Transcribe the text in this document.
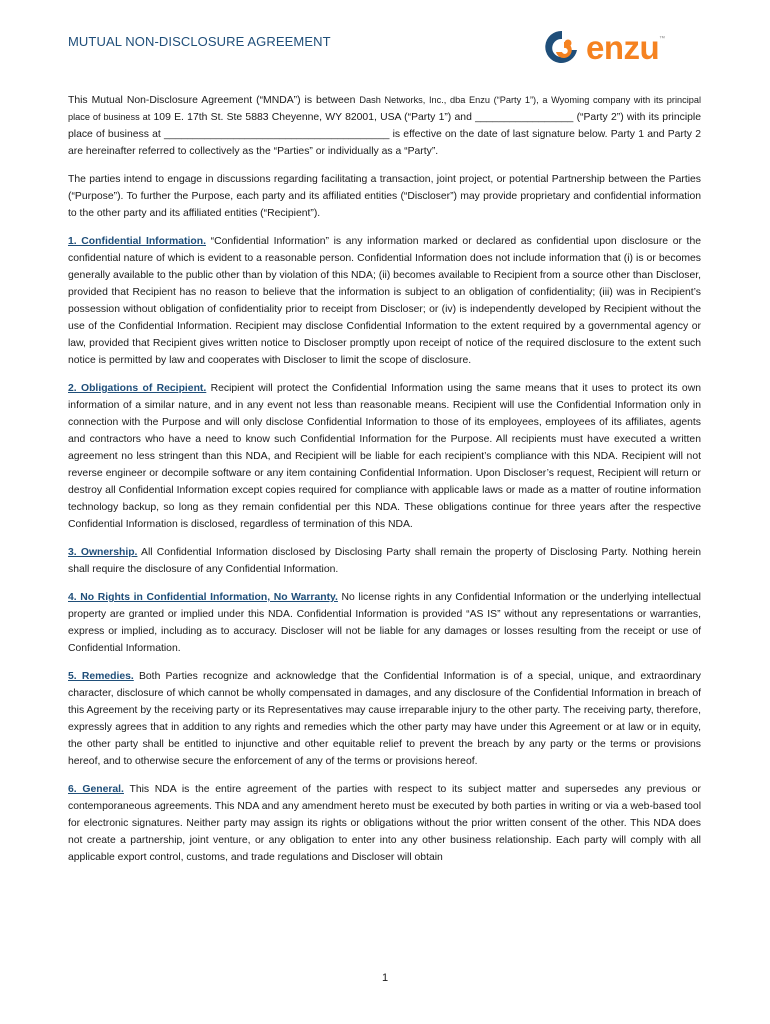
MUTUAL NON-DISCLOSURE AGREEMENT	enzu ™

This Mutual Non-Disclosure Agreement (“MNDA”) is between Dash Networks, Inc., dba Enzu (“Party 1”), a Wyoming company with its principal place of business at 109 E. 17th St. Ste 5883 Cheyenne, WY 82001, USA (“Party 1”) and _________________ (“Party 2”) with its principle place of business at _______________________________________ is effective on the date of last signature below. Party 1 and Party 2 are hereinafter referred to collectively as the “Parties” or individually as a “Party”.

The parties intend to engage in discussions regarding facilitating a transaction, joint project, or potential Partnership between the Parties (“Purpose”). To further the Purpose, each party and its affiliated entities (“Discloser”) may provide proprietary and confidential information to the other party and its affiliated entities (“Recipient”).

1. Confidential Information. “Confidential Information” is any information marked or declared as confidential upon disclosure or the confidential nature of which is evident to a reasonable person. Confidential Information does not include information that (i) is or becomes generally available to the public other than by violation of this NDA; (ii) becomes available to Recipient from a source other than Discloser, provided that Recipient has no reason to believe that the information is subject to an obligation of confidentiality; (iii) was in Recipient’s possession without obligation of confidentiality prior to receipt from Discloser; or (iv) is independently developed by Recipient without the use of the Confidential Information. Recipient may disclose Confidential Information to the extent required by a governmental agency or law, provided that Recipient gives written notice to Discloser promptly upon receipt of notice of the required disclosure to the extent such notice is permitted by law and cooperates with Discloser to limit the scope of disclosure.

2. Obligations of Recipient. Recipient will protect the Confidential Information using the same means that it uses to protect its own information of a similar nature, and in any event not less than reasonable means. Recipient will use the Confidential Information only in connection with the Purpose and will only disclose Confidential Information to those of its employees, employees of its affiliates, agents and contractors who have a need to know such Confidential Information for the Purpose. All recipients must have executed a written agreement no less stringent than this NDA, and Recipient will be liable for each recipient’s compliance with this NDA. Recipient will not reverse engineer or decompile software or any item containing Confidential Information. Upon Discloser’s request, Recipient will return or destroy all Confidential Information except copies required for compliance with applicable laws or made as a matter of routine information technology backup, so long as they remain confidential per this NDA. These obligations continue for three years after the respective Confidential Information is disclosed, regardless of termination of this NDA.

3. Ownership. All Confidential Information disclosed by Disclosing Party shall remain the property of Disclosing Party. Nothing herein shall require the disclosure of any Confidential Information.

4. No Rights in Confidential Information, No Warranty. No license rights in any Confidential Information or the underlying intellectual property are granted or implied under this NDA. Confidential Information is provided “AS IS” without any representations or warranties, express or implied, including as to accuracy. Discloser will not be liable for any damages or losses resulting from the receipt or use of Confidential Information.

5. Remedies. Both Parties recognize and acknowledge that the Confidential Information is of a special, unique, and extraordinary character, disclosure of which cannot be wholly compensated in damages, and any disclosure of the Confidential Information in breach of this Agreement by the receiving party or its Representatives may cause irreparable injury to the other party. The receiving party, therefore, expressly agrees that in addition to any rights and remedies which the other party may have under this Agreement or at law or in equity, the other party shall be entitled to injunctive and other equitable relief to prevent the breach by any party or the terms or provisions hereof, and to otherwise secure the enforcement of any of the terms or provisions hereof.

6. General. This NDA is the entire agreement of the parties with respect to its subject matter and supersedes any previous or contemporaneous agreements. This NDA and any amendment hereto must be executed by both parties in writing or via a web-based tool for electronic signatures. Neither party may assign its rights or obligations without the prior written consent of the other. This NDA does not create a partnership, joint venture, or any obligation to enter into any other business relationship. Each party will comply with all applicable export control, customs, and trade regulations and Discloser will obtain

1
